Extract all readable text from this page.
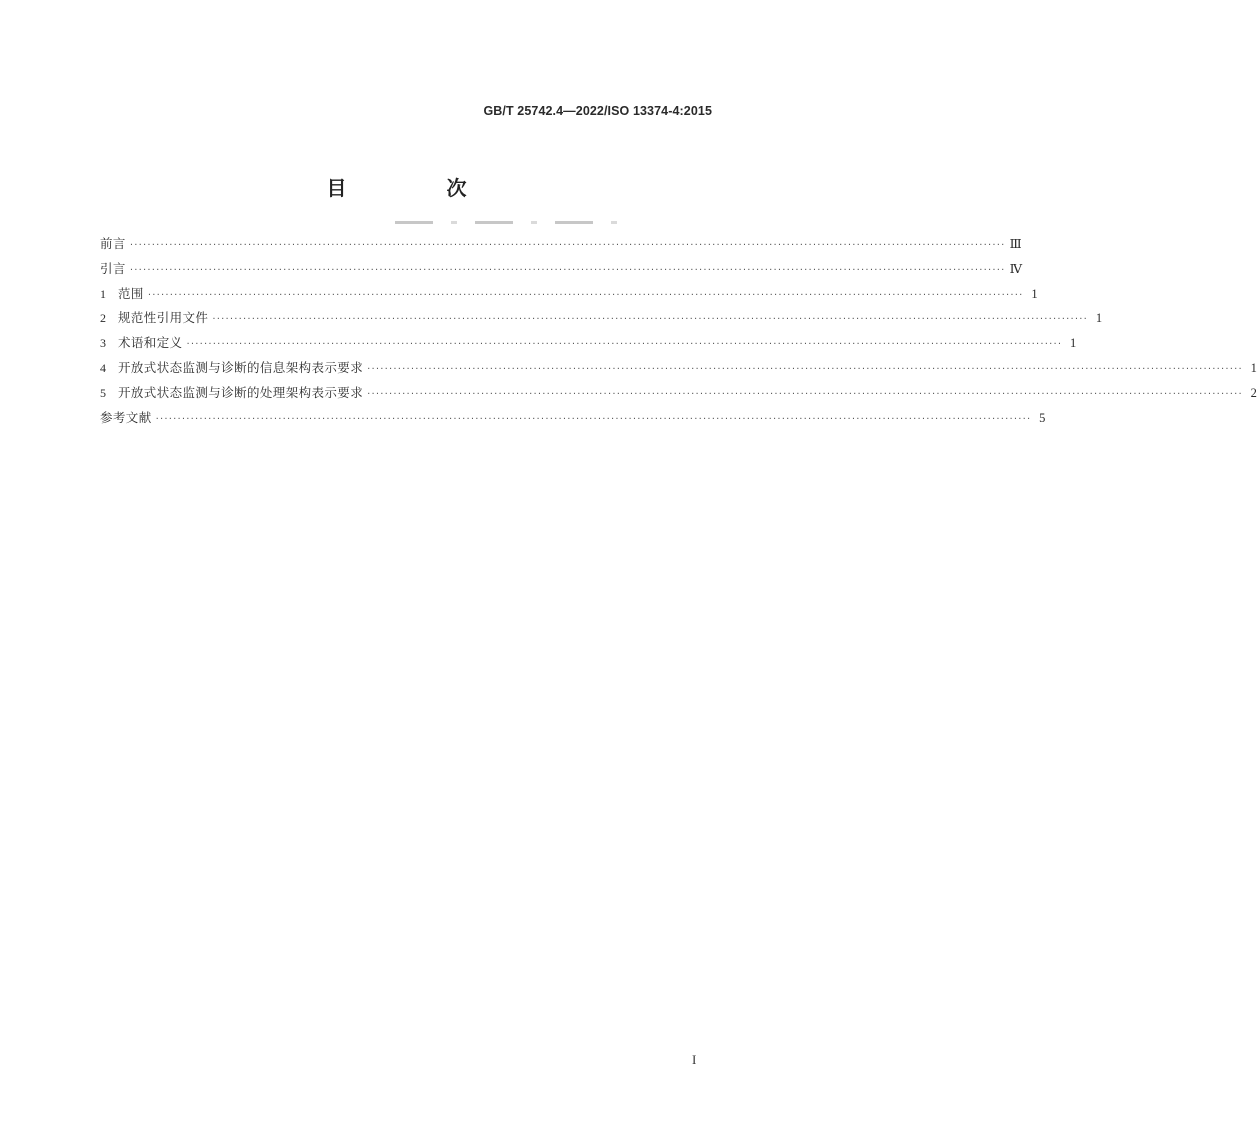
GB/T 25742.4—2022/ISO 13374-4:2015
目　次
前言 ········································································································································································································ Ⅲ
引言 ········································································································································································································ Ⅳ
1 范围 ········································································································································································································ 1
2 规范性引用文件 ········································································································································································································ 1
3 术语和定义 ········································································································································································································ 1
4 开放式状态监测与诊断的信息架构表示要求 ········································································································································································································ 1
5 开放式状态监测与诊断的处理架构表示要求 ········································································································································································································ 2
参考文献 ········································································································································································································ 5
I
